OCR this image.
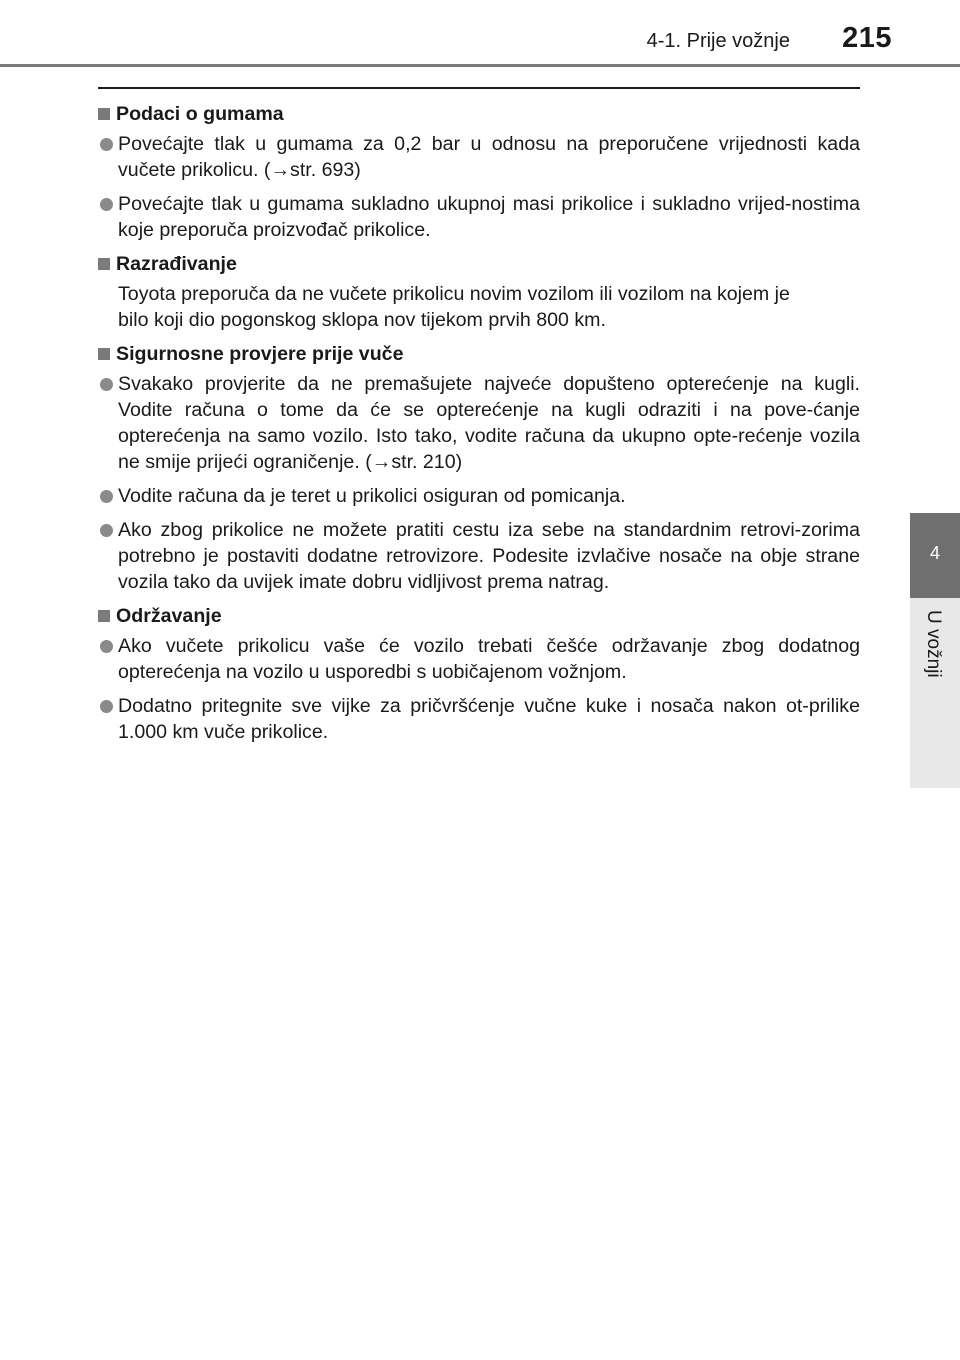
4-1. Prije vožnje 215
4
U vožnji
Podaci o gumama
Povećajte tlak u gumama za 0,2 bar u odnosu na preporučene vrijednosti kada vučete prikolicu. (→str. 693)
Povećajte tlak u gumama sukladno ukupnoj masi prikolice i sukladno vrijed-nostima koje preporuča proizvođač prikolice.
Razrađivanje
Toyota preporuča da ne vučete prikolicu novim vozilom ili vozilom na kojem je
bilo koji dio pogonskog sklopa nov tijekom prvih 800 km.
Sigurnosne provjere prije vuče
Svakako provjerite da ne premašujete najveće dopušteno opterećenje na kugli. Vodite računa o tome da će se opterećenje na kugli odraziti i na pove-ćanje opterećenja na samo vozilo. Isto tako, vodite računa da ukupno opte-rećenje vozila ne smije prijeći ograničenje. (→str. 210)
Vodite računa da je teret u prikolici osiguran od pomicanja.
Ako zbog prikolice ne možete pratiti cestu iza sebe na standardnim retrovi-zorima potrebno je postaviti dodatne retrovizore. Podesite izvlačive nosače na obje strane vozila tako da uvijek imate dobru vidljivost prema natrag.
Održavanje
Ako vučete prikolicu vaše će vozilo trebati češće održavanje zbog dodatnog opterećenja na vozilo u usporedbi s uobičajenom vožnjom.
Dodatno pritegnite sve vijke za pričvršćenje vučne kuke i nosača nakon ot-prilike 1.000 km vuče prikolice.
